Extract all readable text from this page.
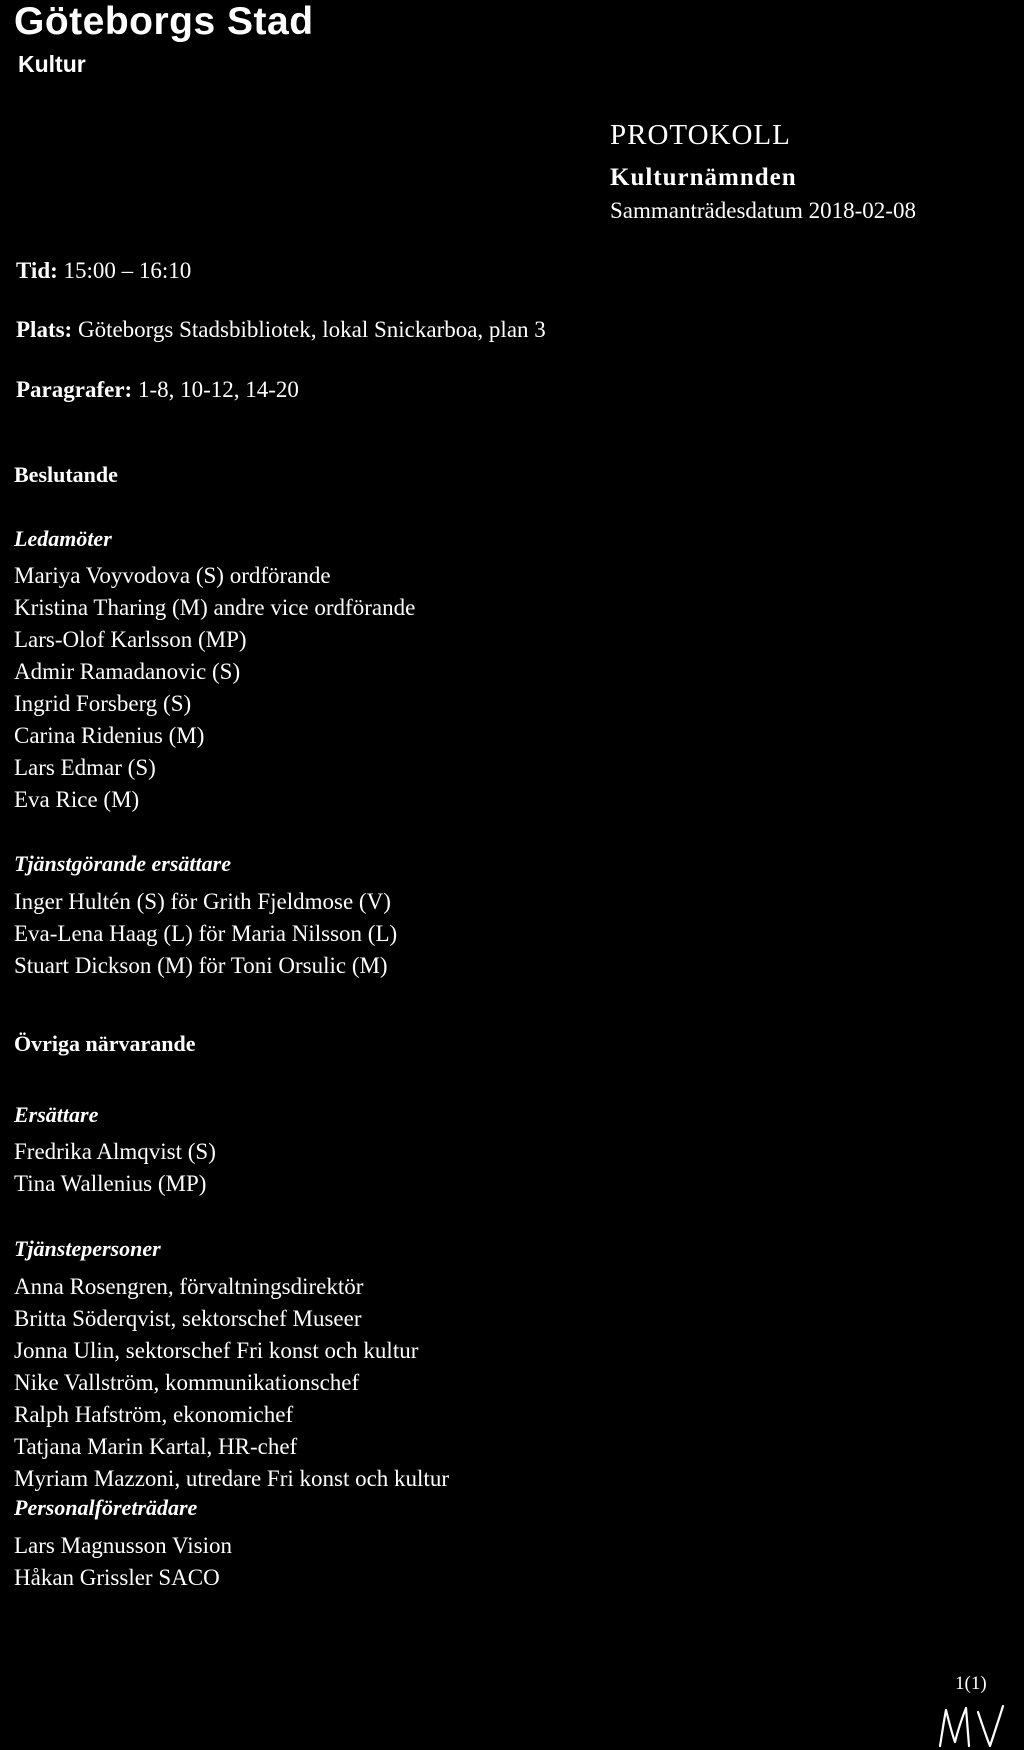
Göteborgs Stad
Kultur
PROTOKOLL
Kulturnämnden
Sammanträdesdatum 2018-02-08
Tid: 15:00 – 16:10
Plats: Göteborgs Stadsbibliotek, lokal Snickarboa, plan 3
Paragrafer: 1-8, 10-12, 14-20
Beslutande
Ledamöter
Mariya Voyvodova (S) ordförande
Kristina Tharing (M) andre vice ordförande
Lars-Olof Karlsson (MP)
Admir Ramadanovic (S)
Ingrid Forsberg (S)
Carina Ridenius (M)
Lars Edmar (S)
Eva Rice (M)
Tjänstgörande ersättare
Inger Hultén (S) för Grith Fjeldmose (V)
Eva-Lena Haag (L) för Maria Nilsson (L)
Stuart Dickson (M) för Toni Orsulic (M)
Övriga närvarande
Ersättare
Fredrika Almqvist (S)
Tina Wallenius (MP)
Tjänstepersoner
Anna Rosengren, förvaltningsdirektör
Britta Söderqvist, sektorschef Museer
Jonna Ulin, sektorschef Fri konst och kultur
Nike Vallström, kommunikationschef
Ralph Hafström, ekonomichef
Tatjana Marin Kartal, HR-chef
Myriam Mazzoni, utredare Fri konst och kultur
Personalföreträdare
Lars Magnusson Vision
Håkan Grissler SACO
1(1)
